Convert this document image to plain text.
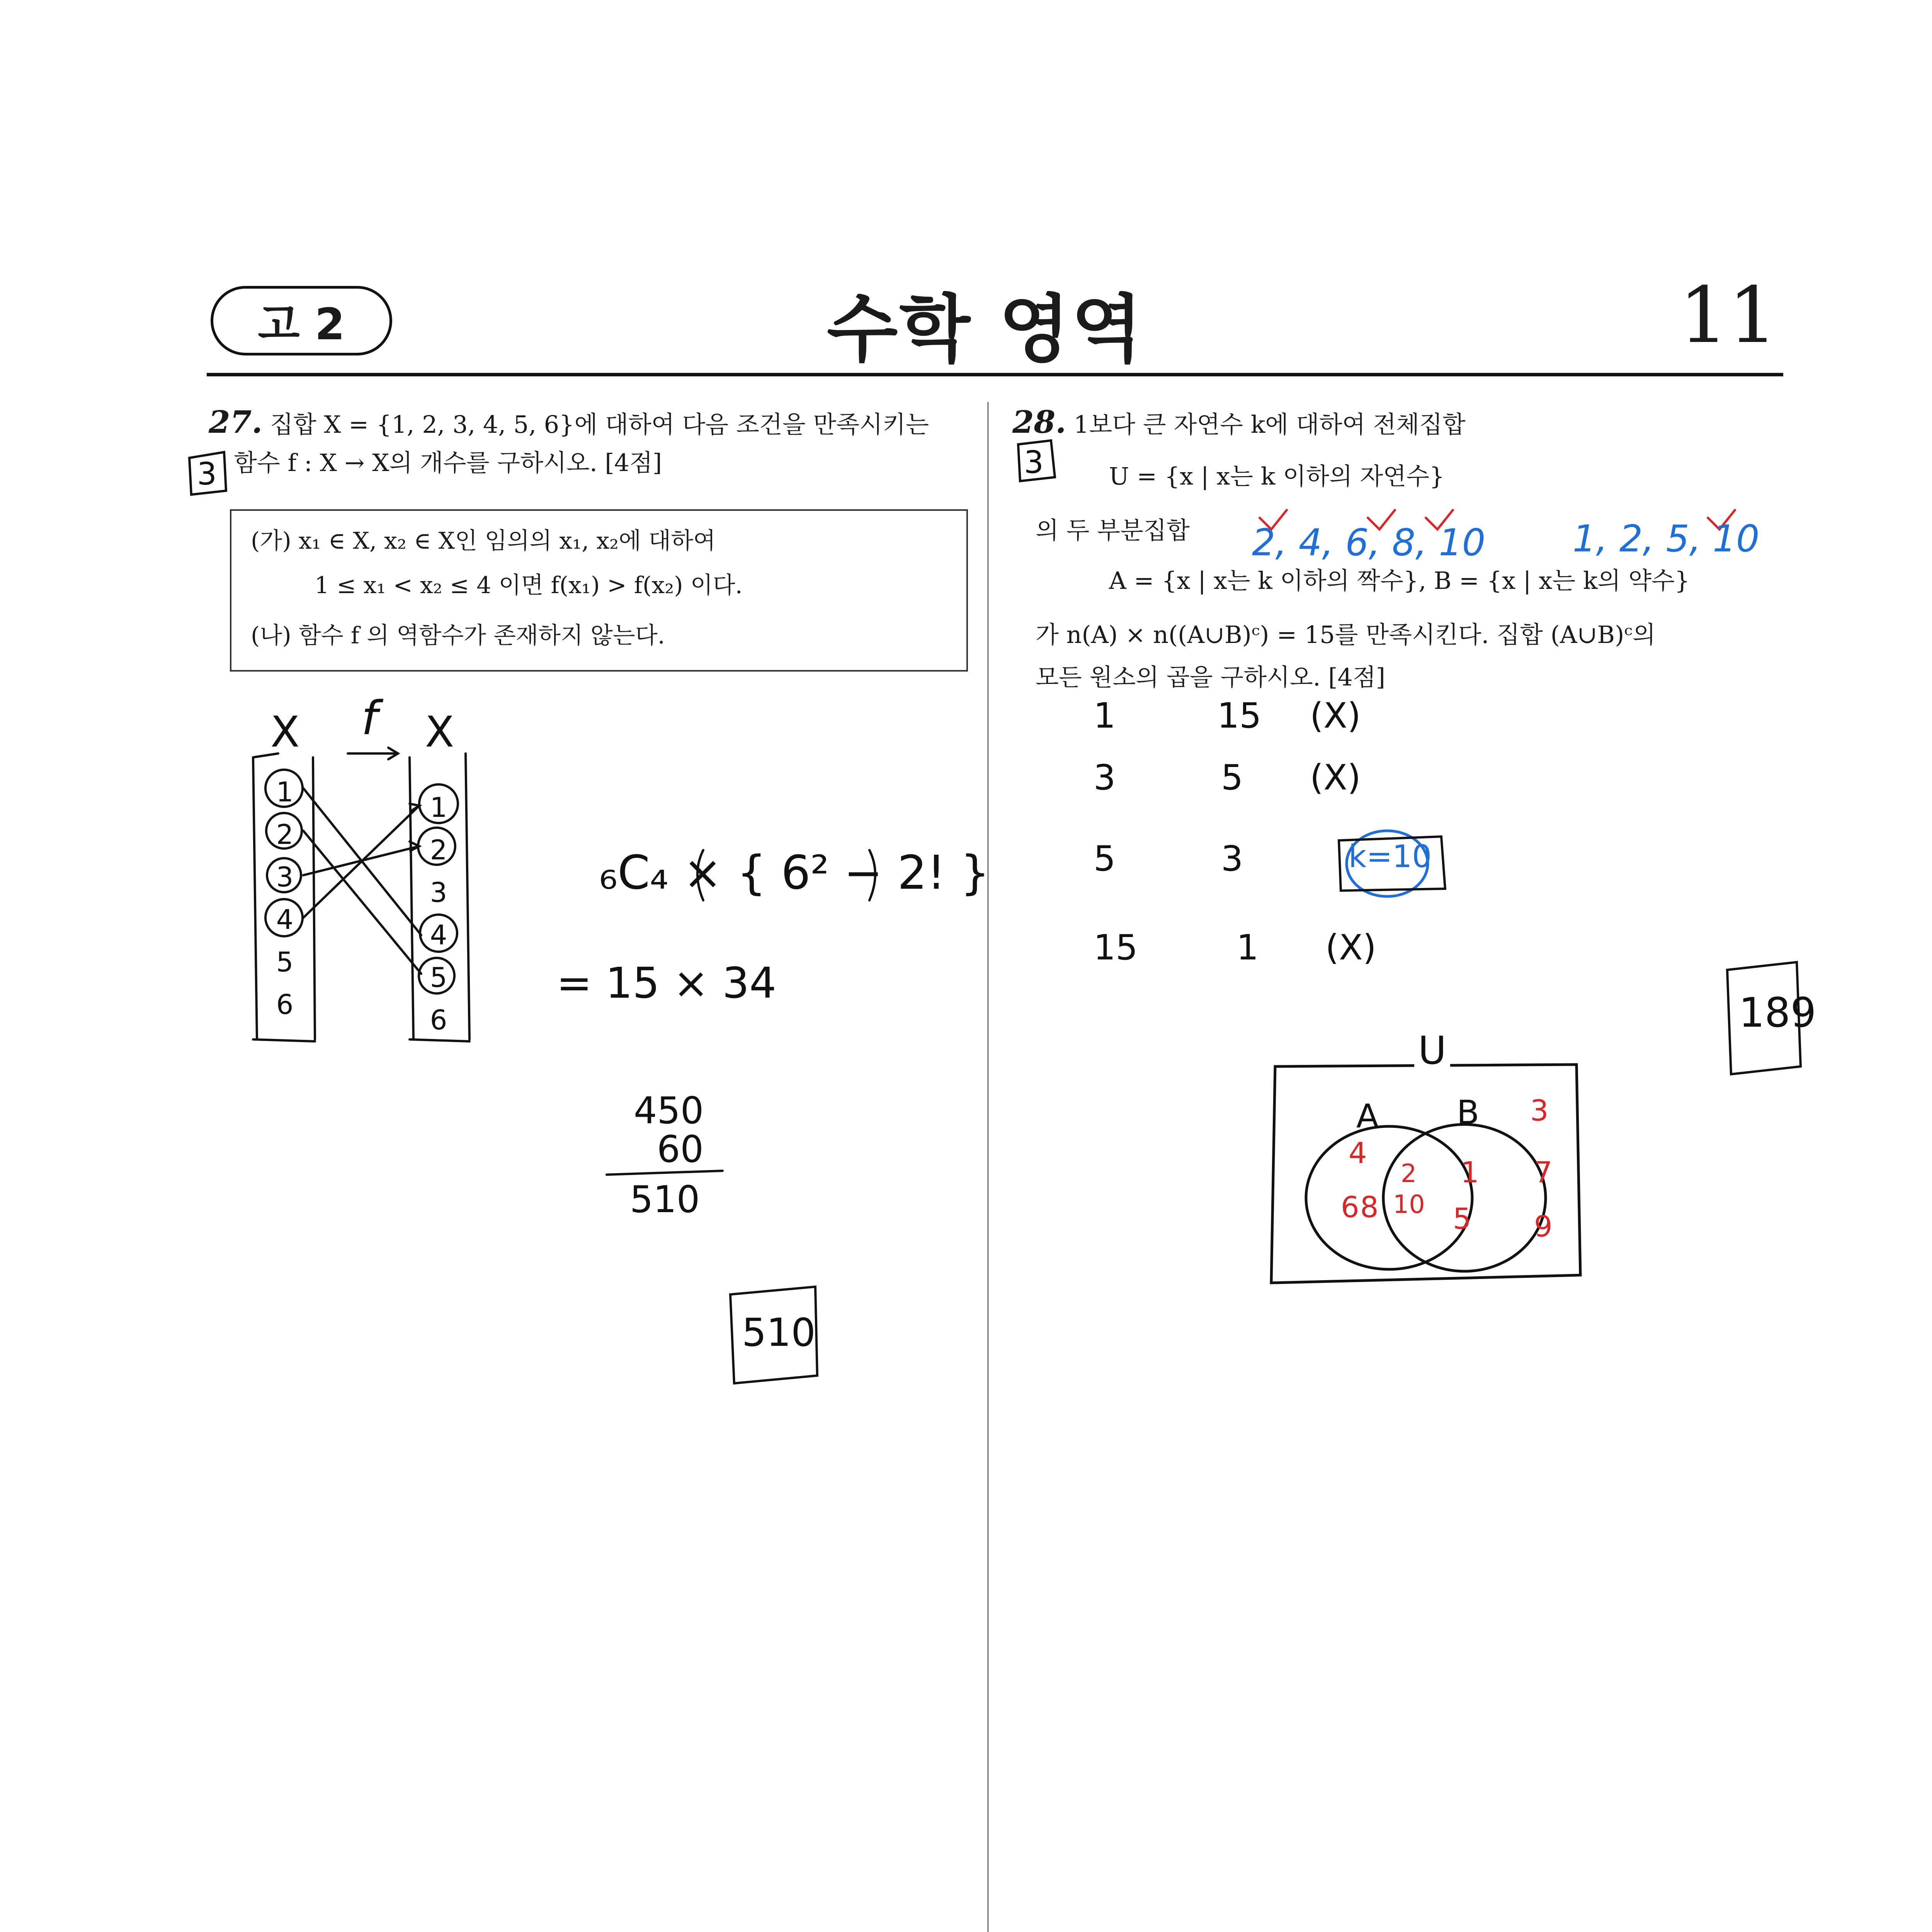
고 2	수학 영역	11
27. 집합 X = {1, 2, 3, 4, 5, 6}에 대하여 다음 조건을 만족시키는
함수 f : X → X의 개수를 구하시오. [4점]
(가) x₁ ∈ X, x₂ ∈ X인 임의의 x₁, x₂에 대하여
1 ≤ x₁ < x₂ ≤ 4 이면 f(x₁) > f(x₂) 이다.
(나) 함수 f 의 역함수가 존재하지 않는다.
3
X f X
1
2
3
4
5
6
1
2
3
4
5
6
₆C₄ × { 6² − 2! }
= 15 × 34
450
60
510
510
28. 1보다 큰 자연수 k에 대하여 전체집합
U = {x | x는 k 이하의 자연수}
의 두 부분집합
A = {x | x는 k 이하의 짝수}, B = {x | x는 k의 약수}
가 n(A) × n((A∪B)ᶜ) = 15를 만족시킨다. 집합 (A∪B)ᶜ의
모든 원소의 곱을 구하시오. [4점]
3
2, 4, 6, 8, 10 1, 2, 5, 10
1	15 (X)
3	5 (X)
5	3	k=10
15	1 (X)
189
U
A B
4
6 8
2
10
1
5
3
7
9
